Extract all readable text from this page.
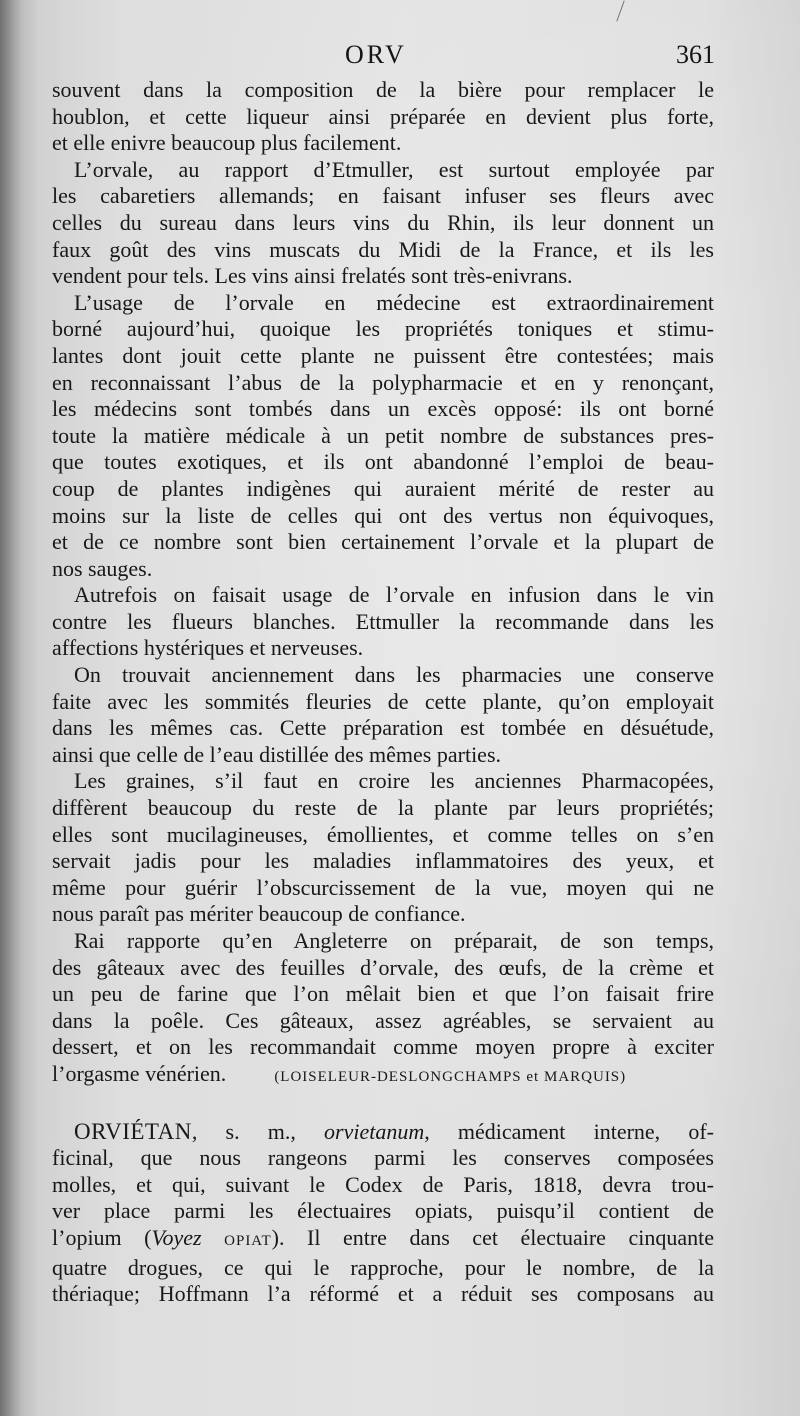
ORV	361
souvent dans la composition de la bière pour remplacer le
houblon, et cette liqueur ainsi préparée en devient plus forte,
et elle enivre beaucoup plus facilement.
L’orvale, au rapport d’Etmuller, est surtout employée par
les cabaretiers allemands; en faisant infuser ses fleurs avec
celles du sureau dans leurs vins du Rhin, ils leur donnent un
faux goût des vins muscats du Midi de la France, et ils les
vendent pour tels. Les vins ainsi frelatés sont très-enivrans.
L’usage de l’orvale en médecine est extraordinairement
borné aujourd’hui, quoique les propriétés toniques et stimu-
lantes dont jouit cette plante ne puissent être contestées; mais
en reconnaissant l’abus de la polypharmacie et en y renonçant,
les médecins sont tombés dans un excès opposé: ils ont borné
toute la matière médicale à un petit nombre de substances pres-
que toutes exotiques, et ils ont abandonné l’emploi de beau-
coup de plantes indigènes qui auraient mérité de rester au
moins sur la liste de celles qui ont des vertus non équivoques,
et de ce nombre sont bien certainement l’orvale et la plupart de
nos sauges.
Autrefois on faisait usage de l’orvale en infusion dans le vin
contre les flueurs blanches. Ettmuller la recommande dans les
affections hystériques et nerveuses.
On trouvait anciennement dans les pharmacies une conserve
faite avec les sommités fleuries de cette plante, qu’on employait
dans les mêmes cas. Cette préparation est tombée en désuétude,
ainsi que celle de l’eau distillée des mêmes parties.
Les graines, s’il faut en croire les anciennes Pharmacopées,
diffèrent beaucoup du reste de la plante par leurs propriétés;
elles sont mucilagineuses, émollientes, et comme telles on s’en
servait jadis pour les maladies inflammatoires des yeux, et
même pour guérir l’obscurcissement de la vue, moyen qui ne
nous paraît pas mériter beaucoup de confiance.
Rai rapporte qu’en Angleterre on préparait, de son temps,
des gâteaux avec des feuilles d’orvale, des œufs, de la crème et
un peu de farine que l’on mêlait bien et que l’on faisait frire
dans la poêle. Ces gâteaux, assez agréables, se servaient au
dessert, et on les recommandait comme moyen propre à exciter
l’orgasme vénérien.	(LOISELEUR-DESLONGCHAMPS et MARQUIS)
ORVIÉTAN, s. m., orvietanum, médicament interne, of-
ficinal, que nous rangeons parmi les conserves composées
molles, et qui, suivant le Codex de Paris, 1818, devra trou-
ver place parmi les électuaires opiats, puisqu’il contient de
l’opium (Voyez OPIAT). Il entre dans cet électuaire cinquante
quatre drogues, ce qui le rapproche, pour le nombre, de la
thériaque; Hoffmann l’a réformé et a réduit ses composans au
